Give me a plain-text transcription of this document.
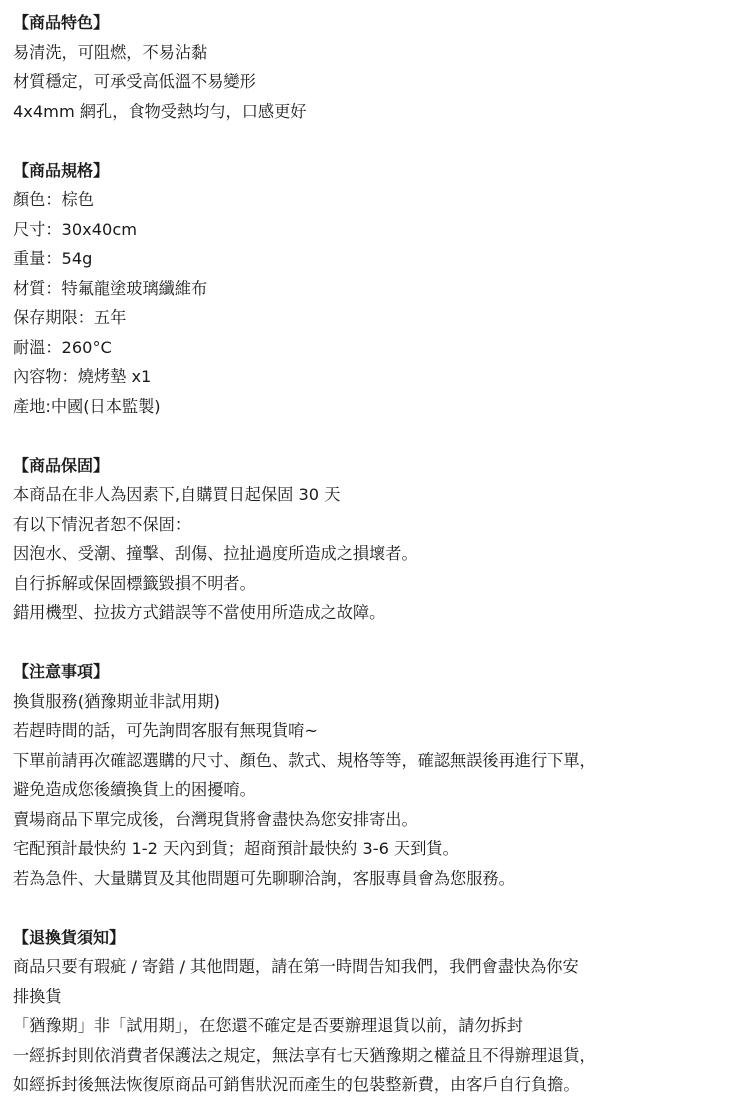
【商品特色】
易清洗，可阻燃，不易沾黏
材質穩定，可承受高低溫不易變形
4x4mm 網孔，食物受熱均勻，口感更好
【商品規格】
顏色：棕色
尺寸：30x40cm
重量：54g
材質：特氟龍塗玻璃纖維布
保存期限：五年
耐溫：260°C
內容物：燒烤墊 x1
產地:中國(日本監製)
【商品保固】
本商品在非人為因素下,自購買日起保固 30 天
有以下情況者恕不保固：
因泡水、受潮、撞擊、刮傷、拉扯過度所造成之損壞者。
自行拆解或保固標籤毀損不明者。
錯用機型、拉拔方式錯誤等不當使用所造成之故障。
【注意事項】
換貨服務(猶豫期並非試用期)
若趕時間的話，可先詢問客服有無現貨唷~
下單前請再次確認選購的尺寸、顏色、款式、規格等等，確認無誤後再進行下單，
避免造成您後續換貨上的困擾唷。
賣場商品下單完成後，台灣現貨將會盡快為您安排寄出。
宅配預計最快約 1-2 天內到貨；超商預計最快約 3-6 天到貨。
若為急件、大量購買及其他問題可先聊聊洽詢，客服專員會為您服務。
【退換貨須知】
商品只要有瑕疵 / 寄錯 / 其他問題，請在第一時間告知我們，我們會盡快為你安
排換貨
「猶豫期」非「試用期」，在您還不確定是否要辦理退貨以前，請勿拆封
一經拆封則依消費者保護法之規定，無法享有七天猶豫期之權益且不得辦理退貨，
如經拆封後無法恢復原商品可銷售狀況而產生的包裝整新費，由客戶自行負擔。
